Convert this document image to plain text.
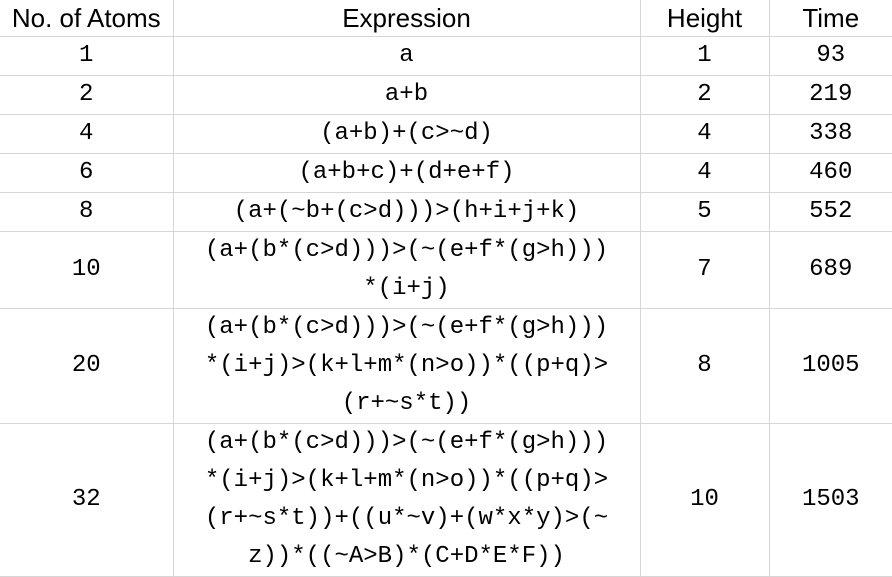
No. of Atoms	Expression	Height	Time
1	a	1	93
2	a+b	2	219
4	(a+b)+(c>~d)	4	338
6	(a+b+c)+(d+e+f)	4	460
8	(a+(~b+(c>d)))>(h+i+j+k)	5	552
10	(a+(b*(c>d)))>(~(e+f*(g>h)))
*(i+j)	7	689
20	(a+(b*(c>d)))>(~(e+f*(g>h)))
*(i+j)>(k+l+m*(n>o))*((p+q)>
(r+~s*t))	8	1005
32	(a+(b*(c>d)))>(~(e+f*(g>h)))
*(i+j)>(k+l+m*(n>o))*((p+q)>
(r+~s*t))+((u*~v)+(w*x*y)>(~
z))*((~A>B)*(C+D*E*F))	10	1503
